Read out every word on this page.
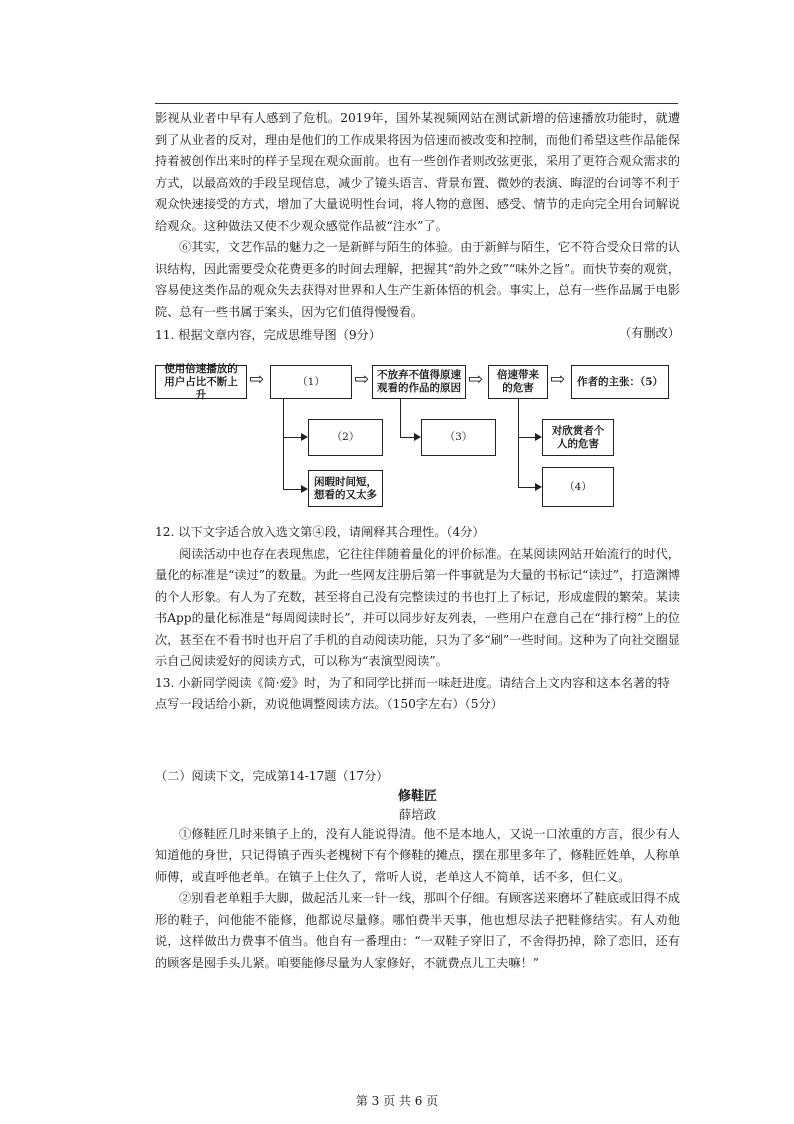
影视从业者中早有人感到了危机。2019年，国外某视频网站在测试新增的倍速播放功能时，就遭到了从业者的反对，理由是他们的工作成果将因为倍速而被改变和控制，而他们希望这些作品能保持着被创作出来时的样子呈现在观众面前。也有一些创作者则改弦更张，采用了更符合观众需求的方式，以最高效的手段呈现信息，减少了镜头语言、背景布置、微妙的表演、晦涩的台词等不利于观众快速接受的方式，增加了大量说明性台词，将人物的意图、感受、情节的走向完全用台词解说给观众。这种做法又使不少观众感觉作品被“注水”了。

⑥其实，文艺作品的魅力之一是新鲜与陌生的体验。由于新鲜与陌生，它不符合受众日常的认识结构，因此需要受众花费更多的时间去理解，把握其“韵外之致”“味外之旨”。而快节奏的观赏，容易使这类作品的观众失去获得对世界和人生产生新体悟的机会。事实上，总有一些作品属于电影院、总有一些书属于案头，因为它们值得慢慢看。

（有删改）

11. 根据文章内容，完成思维导图（9分）

使用倍速播放的用户占比不断上升
⇨	（1）	⇨ 不放弃不值得原速观看的作品的原因 ⇨	倍速带来的危害 ⇨	作者的主张：（5）
（2）
闲暇时间短，想看的又太多
（3）
对欣赏者个人的危害
（4）

12. 以下文字适合放入选文第④段，请阐释其合理性。（4分）

阅读活动中也存在表现焦虑，它往往伴随着量化的评价标准。在某阅读网站开始流行的时代，量化的标准是“读过”的数量。为此一些网友注册后第一件事就是为大量的书标记“读过”，打造渊博的个人形象。有人为了充数，甚至将自己没有完整读过的书也打上了标记，形成虚假的繁荣。某读书App的量化标准是“每周阅读时长”，并可以同步好友列表，一些用户在意自己在“排行榜”上的位次，甚至在不看书时也开启了手机的自动阅读功能，只为了多“刷”一些时间。这种为了向社交圈显示自己阅读爱好的阅读方式，可以称为“表演型阅读”。

13. 小新同学阅读《简·爱》时，为了和同学比拼而一味赶进度。请结合上文内容和这本名著的特点写一段话给小新，劝说他调整阅读方法。（150字左右）（5分）

（二）阅读下文，完成第14-17题（17分）

修鞋匠

薛培政

①修鞋匠几时来镇子上的，没有人能说得清。他不是本地人，又说一口浓重的方言，很少有人知道他的身世，只记得镇子西头老槐树下有个修鞋的摊点，摆在那里多年了，修鞋匠姓单，人称单师傅，或直呼他老单。在镇子上住久了，常听人说，老单这人不简单，话不多，但仁义。

②别看老单粗手大脚，做起活儿来一针一线，那叫个仔细。有顾客送来磨坏了鞋底或旧得不成形的鞋子，问他能不能修，他都说尽量修。哪怕费半天事，他也想尽法子把鞋修结实。有人劝他说，这样做出力费事不值当。他自有一番理由：“一双鞋子穿旧了，不舍得扔掉，除了恋旧，还有的顾客是囤手头儿紧。咱要能修尽量为人家修好，不就费点儿工夫嘛！”

第 3 页 共 6 页
